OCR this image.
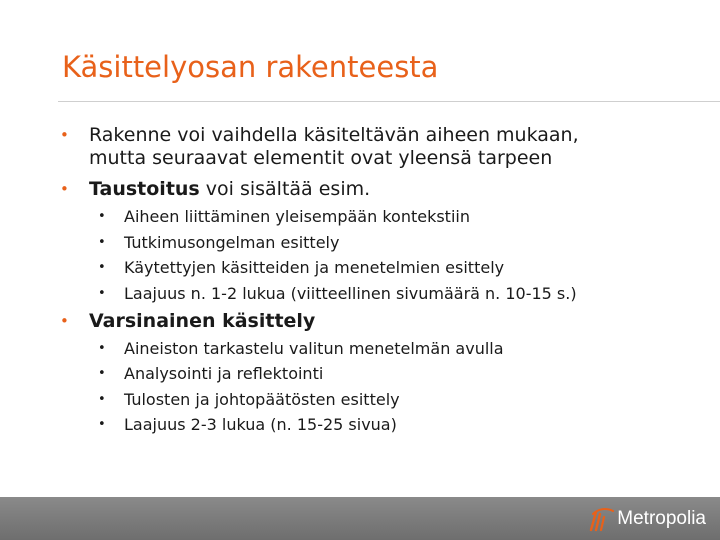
Käsittelyosan rakenteesta
• Rakenne voi vaihdella käsiteltävän aiheen mukaan,
mutta seuraavat elementit ovat yleensä tarpeen
• Taustoitus voi sisältää esim.
• Aiheen liittäminen yleisempään kontekstiin
• Tutkimusongelman esittely
• Käytettyjen käsitteiden ja menetelmien esittely
• Laajuus n. 1-2 lukua (viitteellinen sivumäärä n. 10-15 s.)
• Varsinainen käsittely
• Aineiston tarkastelu valitun menetelmän avulla
• Analysointi ja reflektointi
• Tulosten ja johtopäätösten esittely
• Laajuus 2-3 lukua (n. 15-25 sivua)
Metropolia
